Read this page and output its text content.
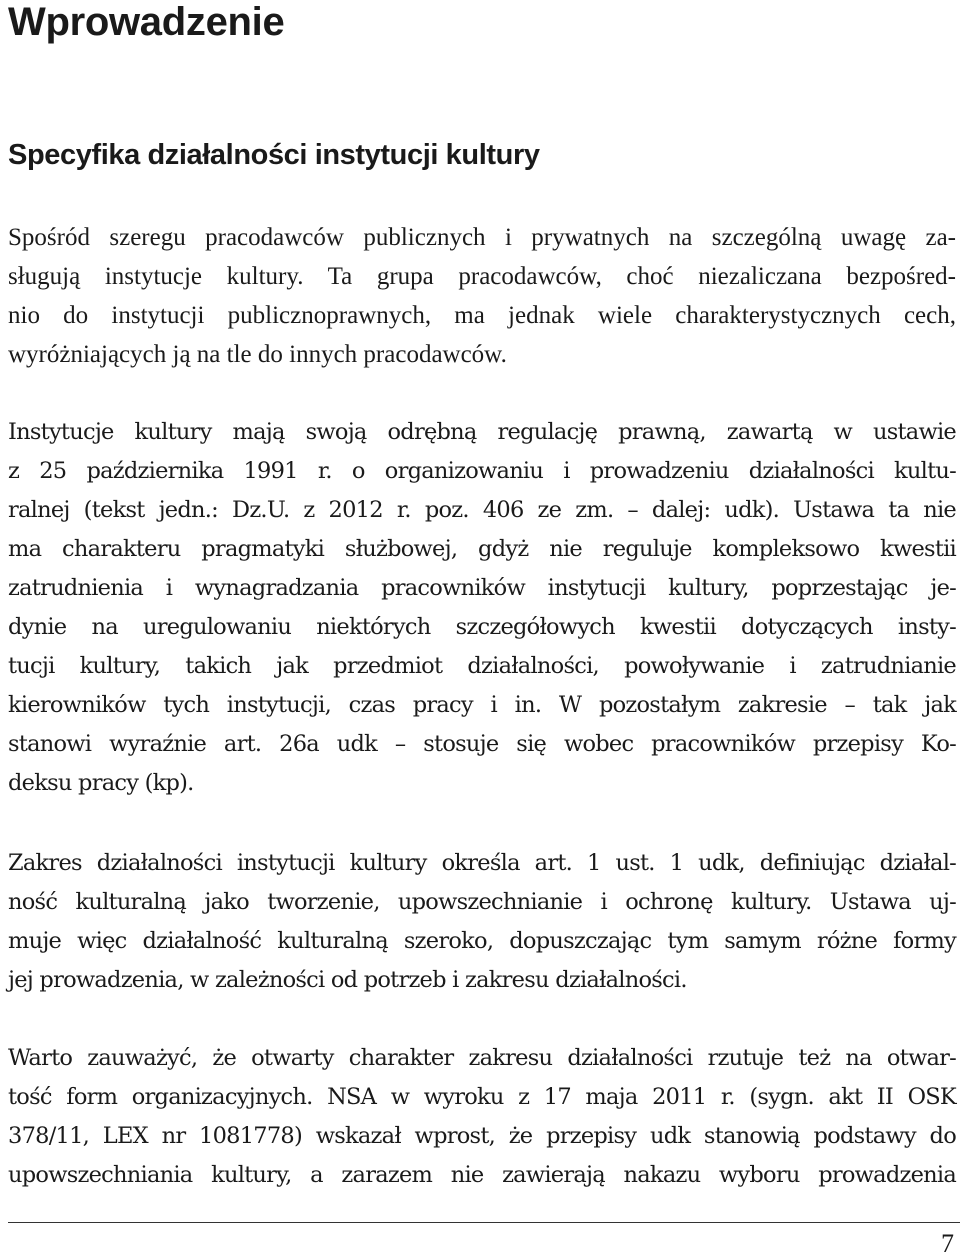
Wprowadzenie
Specyfika działalności instytucji kultury
Spośród szeregu pracodawców publicznych i prywatnych na szczególną uwagę za-
sługują instytucje kultury. Ta grupa pracodawców, choć niezaliczana bezpośred-
nio do instytucji publicznoprawnych, ma jednak wiele charakterystycznych cech,
wyróżniających ją na tle do innych pracodawców.
Instytucje kultury mają swoją odrębną regulację prawną, zawartą w ustawie
z 25 października 1991 r. o organizowaniu i prowadzeniu działalności kultu-
ralnej (tekst jedn.: Dz.U. z 2012 r. poz. 406 ze zm. – dalej: udk). Ustawa ta nie
ma charakteru pragmatyki służbowej, gdyż nie reguluje kompleksowo kwestii
zatrudnienia i wynagradzania pracowników instytucji kultury, poprzestając je-
dynie na uregulowaniu niektórych szczegółowych kwestii dotyczących insty-
tucji kultury, takich jak przedmiot działalności, powoływanie i zatrudnianie
kierowników tych instytucji, czas pracy i in. W pozostałym zakresie – tak jak
stanowi wyraźnie art. 26a udk – stosuje się wobec pracowników przepisy Ko-
deksu pracy (kp).
Zakres działalności instytucji kultury określa art. 1 ust. 1 udk, definiując działal-
ność kulturalną jako tworzenie, upowszechnianie i ochronę kultury. Ustawa uj-
muje więc działalność kulturalną szeroko, dopuszczając tym samym różne formy
jej prowadzenia, w zależności od potrzeb i zakresu działalności.
Warto zauważyć, że otwarty charakter zakresu działalności rzutuje też na otwar-
tość form organizacyjnych. NSA w wyroku z 17 maja 2011 r. (sygn. akt II OSK
378/11, LEX nr 1081778) wskazał wprost, że przepisy udk stanowią podstawy do
upowszechniania kultury, a zarazem nie zawierają nakazu wyboru prowadzenia
7
